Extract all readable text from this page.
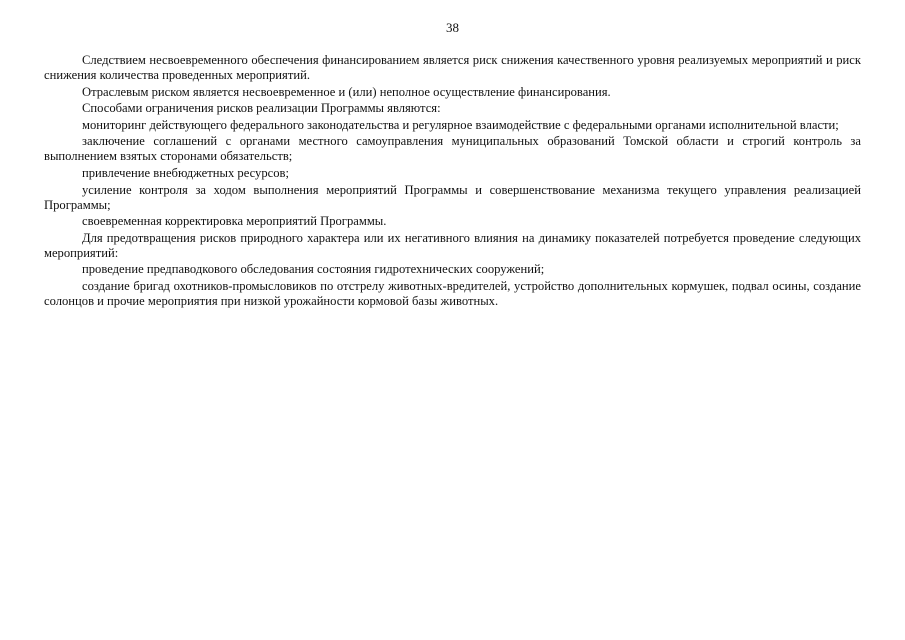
38

Следствием несвоевременного обеспечения финансированием является риск снижения качественного уровня реализуемых мероприятий и риск снижения количества проведенных мероприятий.

Отраслевым риском является несвоевременное и (или) неполное осуществление финансирования.

Способами ограничения рисков реализации Программы являются:

мониторинг действующего федерального законодательства и регулярное взаимодействие с федеральными органами исполнительной власти;

заключение соглашений с органами местного самоуправления муниципальных образований Томской области и строгий контроль за выполнением взятых сторонами обязательств;

привлечение внебюджетных ресурсов;

усиление контроля за ходом выполнения мероприятий Программы и совершенствование механизма текущего управления реализацией Программы;

своевременная корректировка мероприятий Программы.

Для предотвращения рисков природного характера или их негативного влияния на динамику показателей потребуется проведение следующих мероприятий:

проведение предпаводкового обследования состояния гидротехнических сооружений;

создание бригад охотников-промысловиков по отстрелу животных-вредителей, устройство дополнительных кормушек, подвал осины, создание солонцов и прочие мероприятия при низкой урожайности кормовой базы животных.
